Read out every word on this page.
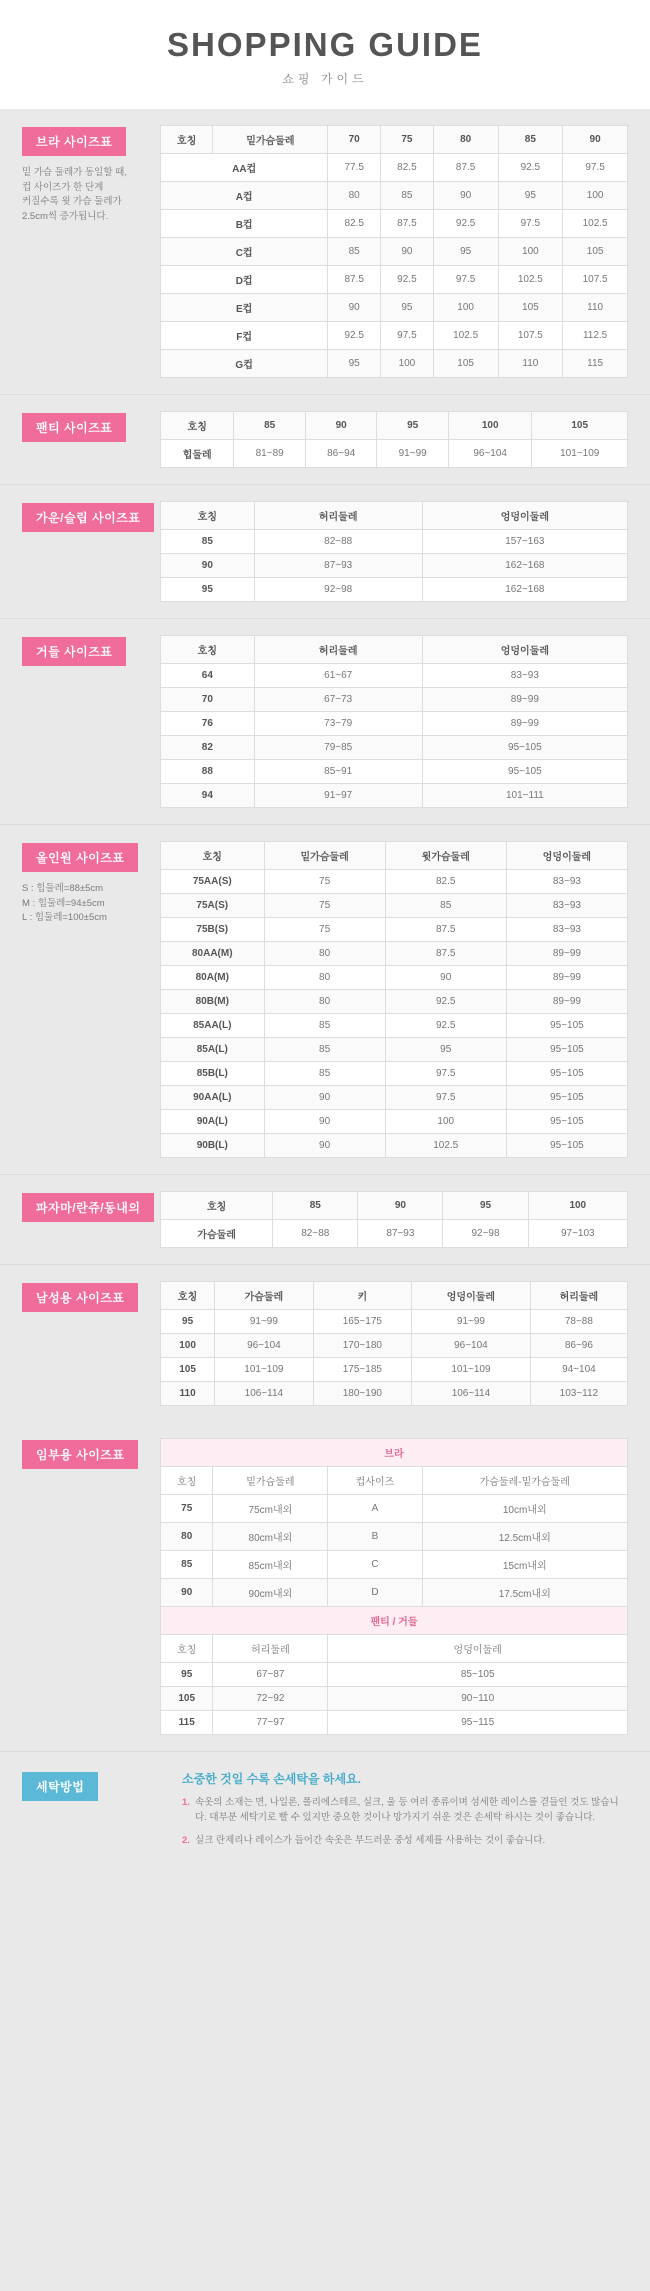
SHOPPING GUIDE
쇼핑 가이드
브라 사이즈표
밑 가슴 둘레가 동일할 때,
컵 사이즈가 한 단계
커질수록 윗 가슴 둘레가
2.5cm씩 증가됩니다.
호칭	밑가슴둘레	70	75	80	85	90
AA컵		77.5	82.5	87.5	92.5	97.5
A컵		80	85	90	95	100
B컵		82.5	87.5	92.5	97.5	102.5
C컵		85	90	95	100	105
D컵		87.5	92.5	97.5	102.5	107.5
E컵		90	95	100	105	110
F컵		92.5	97.5	102.5	107.5	112.5
G컵		95	100	105	110	115
팬티 사이즈표	호칭	85	90	95	100	105
힙둘레	81~89	86~94	91~99	96~104	101~109
가운/슬립 사이즈표	호칭	허리둘레	엉덩이둘레
85	82~88	157~163
90	87~93	162~168
95	92~98	162~168
거들 사이즈표	호칭	허리둘레	엉덩이둘레
64	61~67	83~93
70	67~73	89~99
76	73~79	89~99
82	79~85	95~105
88	85~91	95~105
94	91~97	101~111
올인원 사이즈표
S : 힙둘레=88±5cm
M : 힙둘레=94±5cm
L : 힙둘레=100±5cm
호칭	밑가슴둘레	윗가슴둘레	엉덩이둘레
75AA(S)	75	82.5	83~93
75A(S)	75	85	83~93
75B(S)	75	87.5	83~93
80AA(M)	80	87.5	89~99
80A(M)	80	90	89~99
80B(M)	80	92.5	89~99
85AA(L)	85	92.5	95~105
85A(L)	85	95	95~105
85B(L)	85	97.5	95~105
90AA(L)	90	97.5	95~105
90A(L)	90	100	95~105
90B(L)	90	102.5	95~105
파자마/란쥬/동내의	호칭	85	90	95	100
가슴둘레	82~88	87~93	92~98	97~103
남성용 사이즈표	호칭	가슴둘레	키	엉덩이둘레	허리둘레
95	91~99	165~175	91~99	78~88
100	96~104	170~180	96~104	86~96
105	101~109	175~185	101~109	94~104
110	106~114	180~190	106~114	103~112
임부용 사이즈표	브라			
호칭	밑가슴둘레	컵사이즈	가슴둘레-밑가슴둘레
75	75cm내외	A	10cm내외
80	80cm내외	B	12.5cm내외
85	85cm내외	C	15cm내외
90	90cm내외	D	17.5cm내외
팬티 / 거들			
호칭	허리둘레	엉덩이둘레	
95	67~87	85~105	
105	72~92	90~110	
115	77~97	95~115	
세탁방법
소중한 것일 수록 손세탁을 하세요.
1. 속옷의 소재는 면, 나일론, 폴리에스테르, 실크, 울 등 여러 종류이며 섬세한 레이스를 겯들인 것도 많습니다. 대부분 세탁기로 빨 수 있지만 중요한 것이나 망가지기 쉬운 것은 손세탁 하시는 것이 좋습니다.
2. 실크 란제리나 레이스가 들어간 속옷은 부드러운 중성 세제를 사용하는 것이 좋습니다.
